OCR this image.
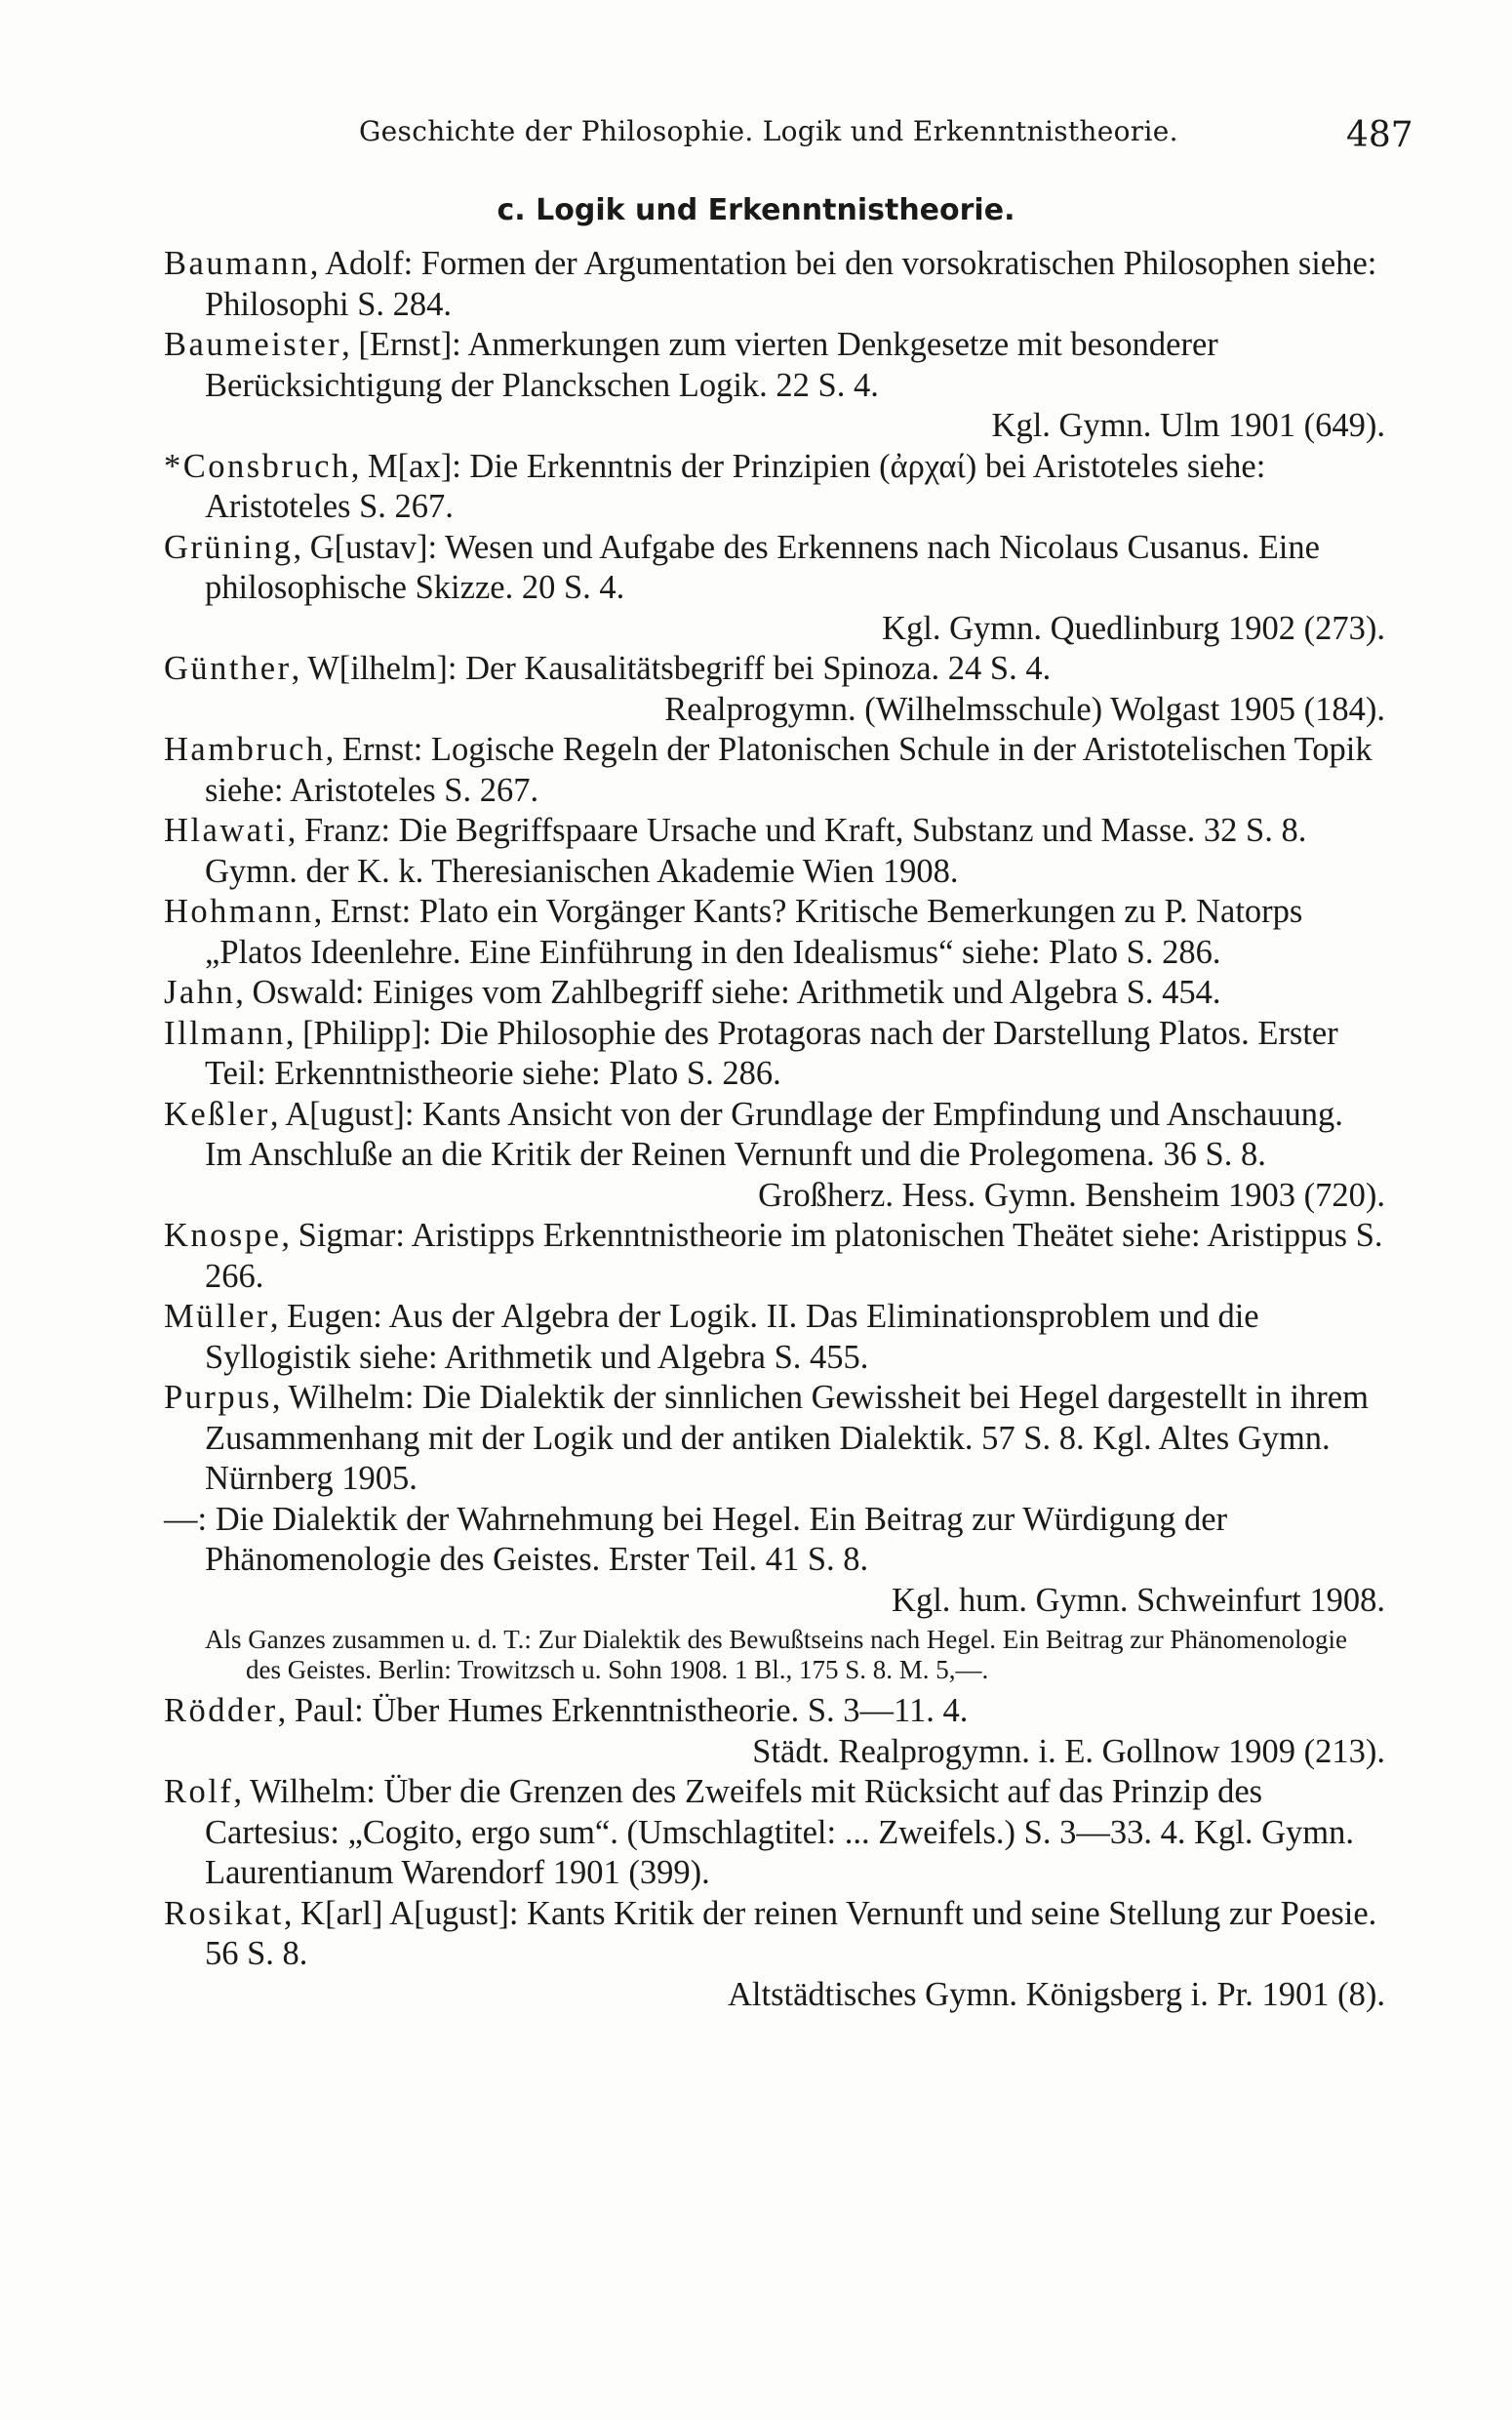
Geschichte der Philosophie. Logik und Erkenntnistheorie.	487
c. Logik und Erkenntnistheorie.
Baumann, Adolf: Formen der Argumentation bei den vorsokratischen Philosophen siehe: Philosophi S. 284.
Baumeister, [Ernst]: Anmerkungen zum vierten Denkgesetze mit besonderer Berücksichtigung der Planckschen Logik. 22 S. 4.
Kgl. Gymn. Ulm 1901 (649).
*Consbruch, M[ax]: Die Erkenntnis der Prinzipien (ἀρχαί) bei Aristoteles siehe: Aristoteles S. 267.
Grüning, G[ustav]: Wesen und Aufgabe des Erkennens nach Nicolaus Cusanus. Eine philosophische Skizze. 20 S. 4.
Kgl. Gymn. Quedlinburg 1902 (273).
Günther, W[ilhelm]: Der Kausalitätsbegriff bei Spinoza. 24 S. 4.
Realprogymn. (Wilhelmsschule) Wolgast 1905 (184).
Hambruch, Ernst: Logische Regeln der Platonischen Schule in der Aristotelischen Topik siehe: Aristoteles S. 267.
Hlawati, Franz: Die Begriffspaare Ursache und Kraft, Substanz und Masse. 32 S. 8. Gymn. der K. k. Theresianischen Akademie Wien 1908.
Hohmann, Ernst: Plato ein Vorgänger Kants? Kritische Bemerkungen zu P. Natorps „Platos Ideenlehre. Eine Einführung in den Idealismus“ siehe: Plato S. 286.
Jahn, Oswald: Einiges vom Zahlbegriff siehe: Arithmetik und Algebra S. 454.
Illmann, [Philipp]: Die Philosophie des Protagoras nach der Darstellung Platos. Erster Teil: Erkenntnistheorie siehe: Plato S. 286.
Keßler, A[ugust]: Kants Ansicht von der Grundlage der Empfindung und Anschauung. Im Anschluße an die Kritik der Reinen Vernunft und die Prolegomena. 36 S. 8.
Großherz. Hess. Gymn. Bensheim 1903 (720).
Knospe, Sigmar: Aristipps Erkenntnistheorie im platonischen Theätet siehe: Aristippus S. 266.
Müller, Eugen: Aus der Algebra der Logik. II. Das Eliminationsproblem und die Syllogistik siehe: Arithmetik und Algebra S. 455.
Purpus, Wilhelm: Die Dialektik der sinnlichen Gewissheit bei Hegel dargestellt in ihrem Zusammenhang mit der Logik und der antiken Dialektik. 57 S. 8. Kgl. Altes Gymn. Nürnberg 1905.
—: Die Dialektik der Wahrnehmung bei Hegel. Ein Beitrag zur Würdigung der Phänomenologie des Geistes. Erster Teil. 41 S. 8.
Kgl. hum. Gymn. Schweinfurt 1908.
Als Ganzes zusammen u. d. T.: Zur Dialektik des Bewußtseins nach Hegel. Ein Beitrag zur Phänomenologie des Geistes. Berlin: Trowitzsch u. Sohn 1908. 1 Bl., 175 S. 8. M. 5,—.
Rödder, Paul: Über Humes Erkenntnistheorie. S. 3—11. 4.
Städt. Realprogymn. i. E. Gollnow 1909 (213).
Rolf, Wilhelm: Über die Grenzen des Zweifels mit Rücksicht auf das Prinzip des Cartesius: „Cogito, ergo sum“. (Umschlagtitel: ... Zweifels.) S. 3—33. 4. Kgl. Gymn. Laurentianum Warendorf 1901 (399).
Rosikat, K[arl] A[ugust]: Kants Kritik der reinen Vernunft und seine Stellung zur Poesie. 56 S. 8.
Altstädtisches Gymn. Königsberg i. Pr. 1901 (8).
